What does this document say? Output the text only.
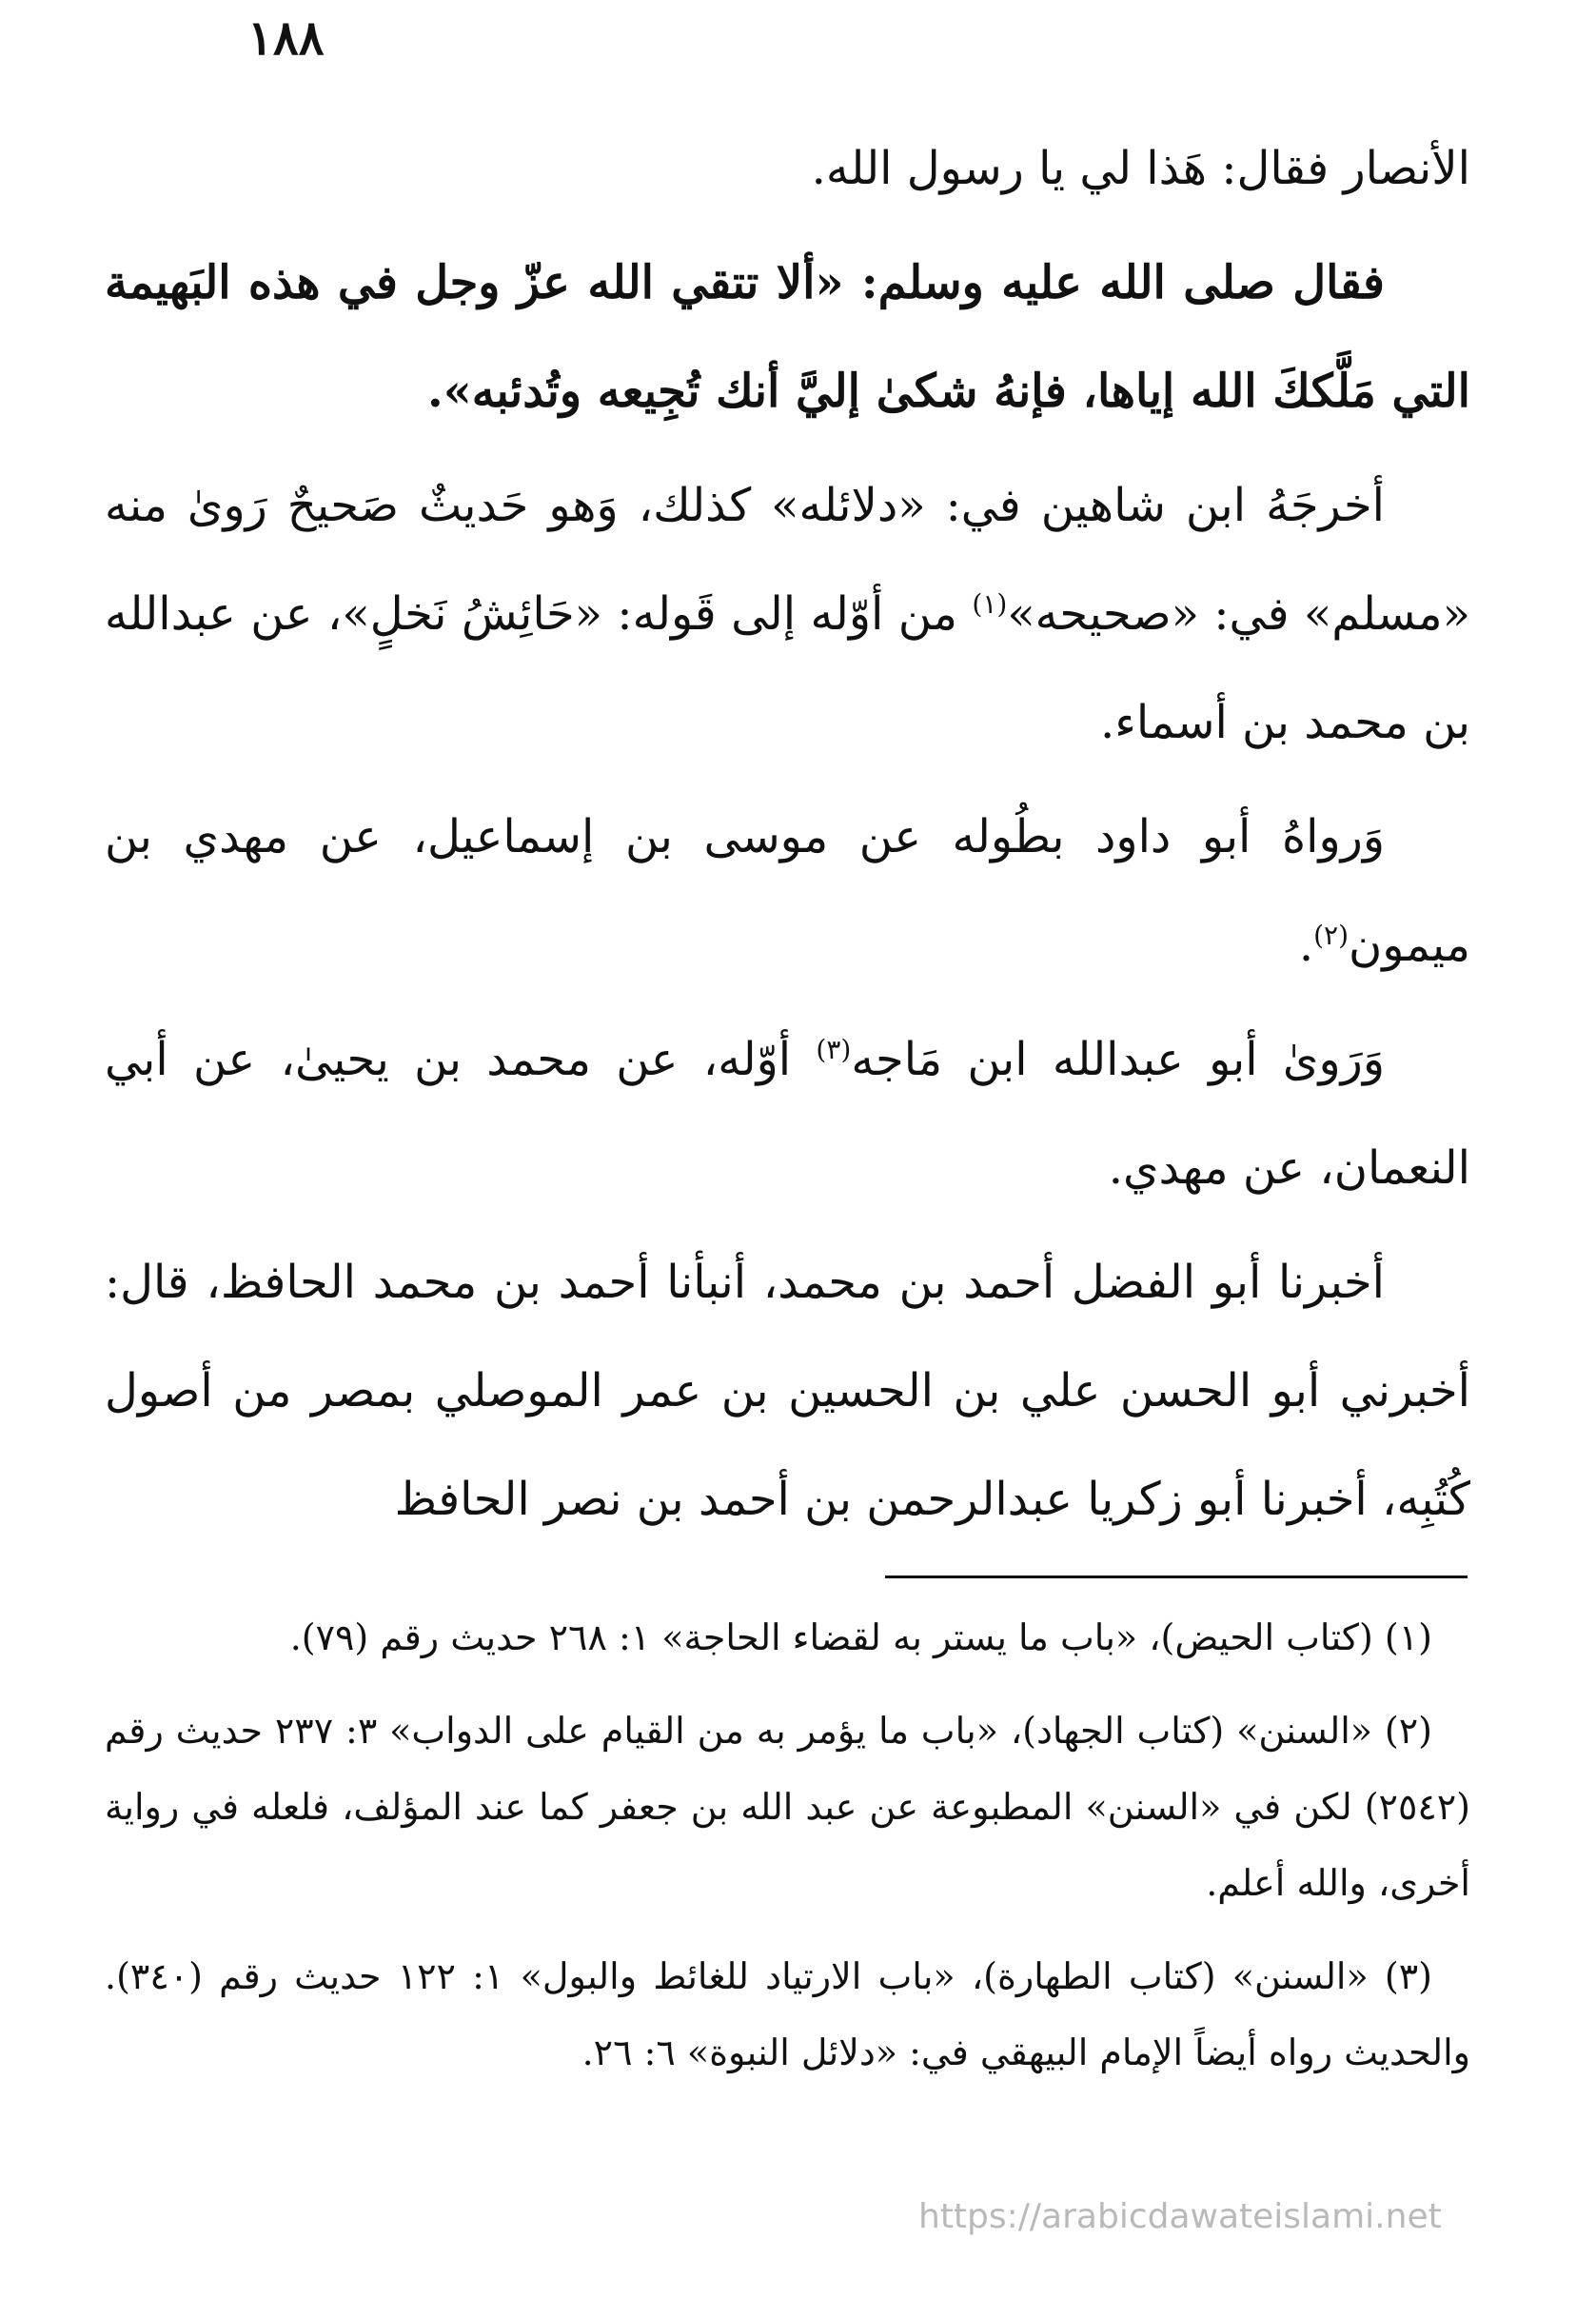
١٨٨

الأنصار فقال: هَذا لي يا رسول الله.

فقال صلى الله عليه وسلم: «ألا تتقي الله عزّ وجل في هذه البَهيمة التي مَلَّككَ الله إياها، فإنهُ شكىٰ إليَّ أنك تُجِيعه وتُدئبه».

أخرجَهُ ابن شاهين في: «دلائله» كذلك، وَهو حَديثٌ صَحيحٌ رَوىٰ منه «مسلم» في: «صحيحه»$^{(١)}$ من أوّله إلى قَوله: «حَائِشُ نَخلٍ»، عن عبدالله بن محمد بن أسماء.

وَرواهُ أبو داود بطُوله عن موسى بن إسماعيل، عن مهدي بن ميمون$^{(٢)}$.

وَرَوىٰ أبو عبدالله ابن مَاجه$^{(٣)}$ أوّله، عن محمد بن يحيىٰ، عن أبي النعمان، عن مهدي.

أخبرنا أبو الفضل أحمد بن محمد، أنبأنا أحمد بن محمد الحافظ، قال: أخبرني أبو الحسن علي بن الحسين بن عمر الموصلي بمصر من أصول كُتُبِه، أخبرنا أبو زكريا عبدالرحمن بن أحمد بن نصر الحافظ

(١) (كتاب الحيض)، «باب ما يستر به لقضاء الحاجة» ١: ٢٦٨ حديث رقم (٧٩).

(٢) «السنن» (كتاب الجهاد)، «باب ما يؤمر به من القيام على الدواب» ٣: ٢٣٧ حديث رقم (٢٥٤٢) لكن في «السنن» المطبوعة عن عبد الله بن جعفر كما عند المؤلف، فلعله في رواية أخرى، والله أعلم.

(٣) «السنن» (كتاب الطهارة)، «باب الارتياد للغائط والبول» ١: ١٢٢ حديث رقم (٣٤٠). والحديث رواه أيضاً الإمام البيهقي في: «دلائل النبوة» ٦: ٢٦.

https://arabicdawateislami.net
